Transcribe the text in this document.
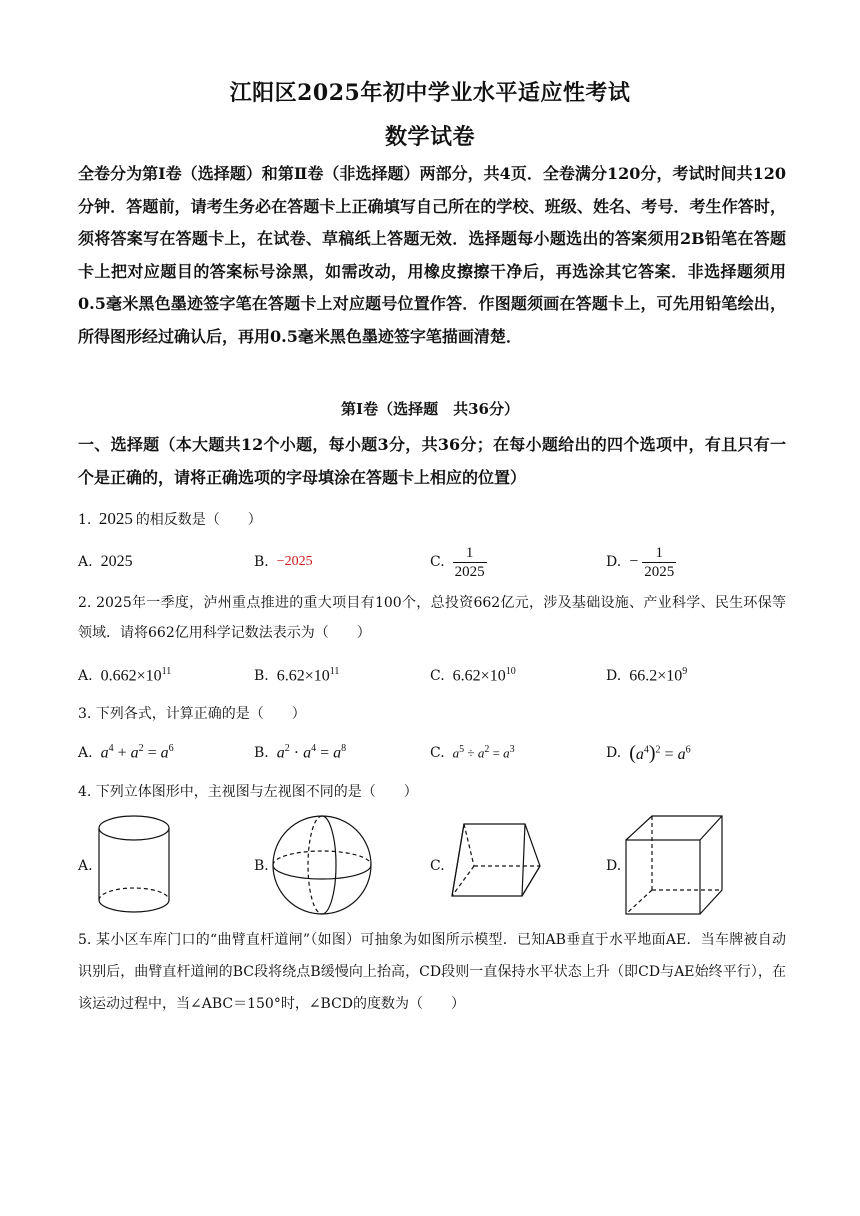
江阳区2025年初中学业水平适应性考试
数学试卷
全卷分为第Ⅰ卷（选择题）和第Ⅱ卷（非选择题）两部分，共4页．全卷满分120分，考试时间共120分钟．答题前，请考生务必在答题卡上正确填写自己所在的学校、班级、姓名、考号．考生作答时，须将答案写在答题卡上，在试卷、草稿纸上答题无效．选择题每小题选出的答案须用2B铅笔在答题卡上把对应题目的答案标号涂黑，如需改动，用橡皮擦擦干净后，再选涂其它答案．非选择题须用0.5毫米黑色墨迹签字笔在答题卡上对应题号位置作答．作图题须画在答题卡上，可先用铅笔绘出，所得图形经过确认后，再用0.5毫米黑色墨迹签字笔描画清楚．
第Ⅰ卷（选择题　共36分）
一、选择题（本大题共12个小题，每小题3分，共36分；在每小题给出的四个选项中，有且只有一个是正确的，请将正确选项的字母填涂在答题卡上相应的位置）
1. 2025 的相反数是（　　）
A. 2025	B. −2025	C. $\frac{1}{2025}$	D. − $\frac{1}{2025}$
2. 2025年一季度，泸州重点推进的重大项目有100个，总投资662亿元，涉及基础设施、产业科学、民生环保等领域．请将662亿用科学记数法表示为（　　）
A. $0.662\times 10^{11}$	B. $6.62\times 10^{11}$	C. $6.62\times 10^{10}$	D. $66.2\times 10^9$
3. 下列各式，计算正确的是（　　）
A. $a^4 + a^2 = a^6$	B. $a^2 \cdot a^4 = a^8$	C. $a^5 \div a^2 = a^3$	D. $(a^4)^2 = a^6$
4. 下列立体图形中，主视图与左视图不同的是（　　）
A.	B.	C.	D.
5. 某小区车库门口的“曲臂直杆道闸”（如图）可抽象为如图所示模型．已知AB垂直于水平地面AE．当车牌被自动识别后，曲臂直杆道闸的BC段将绕点B缓慢向上抬高，CD段则一直保持水平状态上升（即CD与AE始终平行），在该运动过程中，当∠ABC＝150°时，∠BCD的度数为（　　）
